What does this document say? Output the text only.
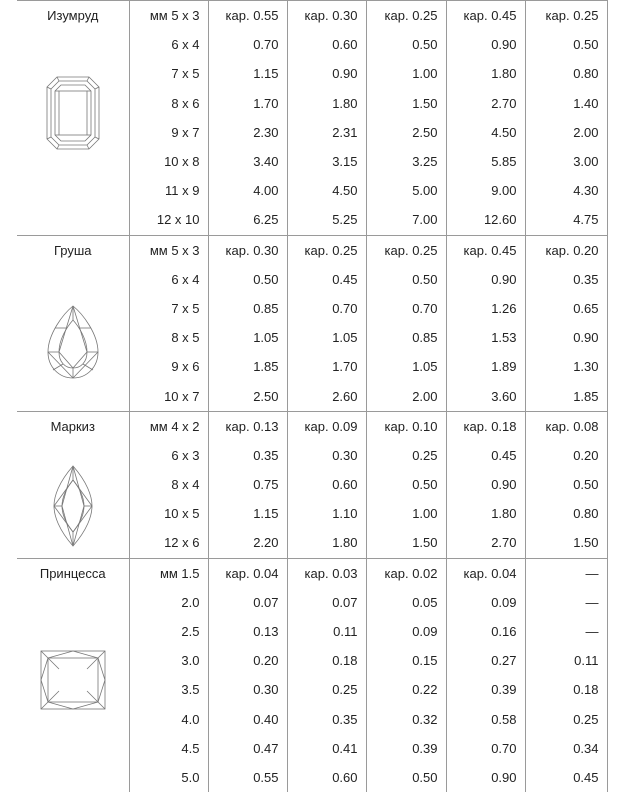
Изумруд	мм 5 x 3	кар. 0.55	кар. 0.30	кар. 0.25	кар. 0.45	кар. 0.25
	6 x 4	0.70	0.60	0.50	0.90	0.50
	7 x 5	1.15	0.90	1.00	1.80	0.80
	8 x 6	1.70	1.80	1.50	2.70	1.40
	9 x 7	2.30	2.31	2.50	4.50	2.00
	10 x 8	3.40	3.15	3.25	5.85	3.00
	11 x 9	4.00	4.50	5.00	9.00	4.30
	12 x 10	6.25	5.25	7.00	12.60	4.75

Груша	мм 5 x 3	кар. 0.30	кар. 0.25	кар. 0.25	кар. 0.45	кар. 0.20
	6 x 4	0.50	0.45	0.50	0.90	0.35
	7 x 5	0.85	0.70	0.70	1.26	0.65
	8 x 5	1.05	1.05	0.85	1.53	0.90
	9 x 6	1.85	1.70	1.05	1.89	1.30
	10 x 7	2.50	2.60	2.00	3.60	1.85

Маркиз	мм 4 x 2	кар. 0.13	кар. 0.09	кар. 0.10	кар. 0.18	кар. 0.08
	6 x 3	0.35	0.30	0.25	0.45	0.20
	8 x 4	0.75	0.60	0.50	0.90	0.50
	10 x 5	1.15	1.10	1.00	1.80	0.80
	12 x 6	2.20	1.80	1.50	2.70	1.50

Принцесса	мм 1.5	кар. 0.04	кар. 0.03	кар. 0.02	кар. 0.04	—
	2.0	0.07	0.07	0.05	0.09	—
	2.5	0.13	0.11	0.09	0.16	—
	3.0	0.20	0.18	0.15	0.27	0.11
	3.5	0.30	0.25	0.22	0.39	0.18
	4.0	0.40	0.35	0.32	0.58	0.25
	4.5	0.47	0.41	0.39	0.70	0.34
	5.0	0.55	0.60	0.50	0.90	0.45
